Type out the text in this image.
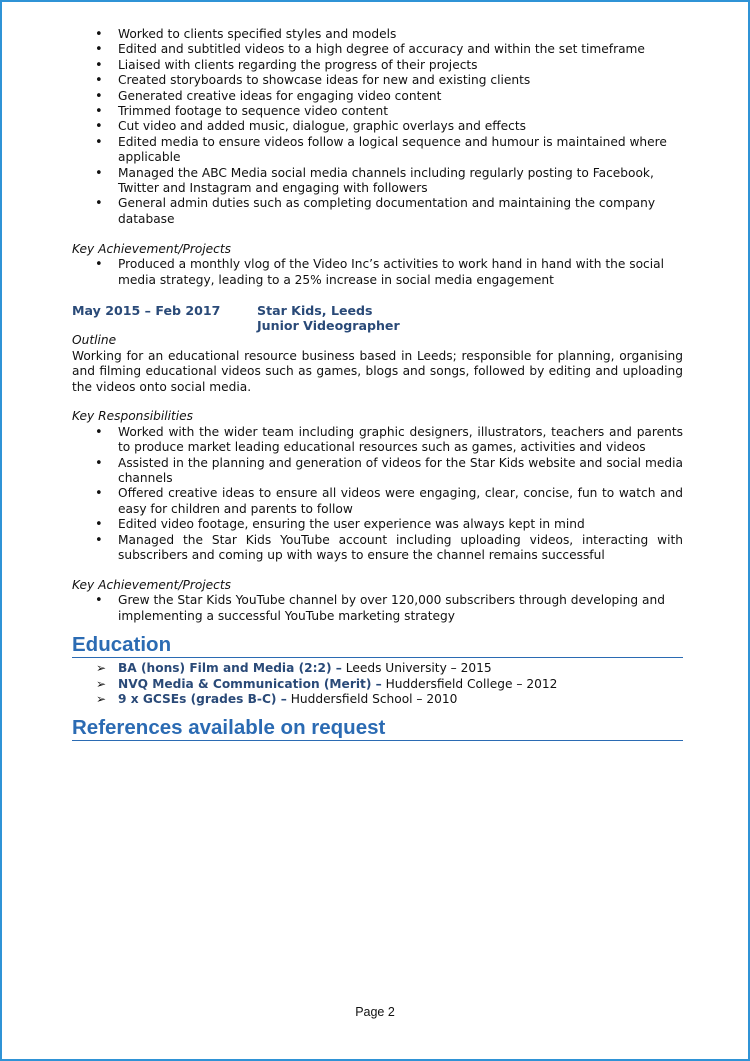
• Worked to clients specified styles and models
• Edited and subtitled videos to a high degree of accuracy and within the set timeframe
• Liaised with clients regarding the progress of their projects
• Created storyboards to showcase ideas for new and existing clients
• Generated creative ideas for engaging video content
• Trimmed footage to sequence video content
• Cut video and added music, dialogue, graphic overlays and effects
• Edited media to ensure videos follow a logical sequence and humour is maintained where applicable
• Managed the ABC Media social media channels including regularly posting to Facebook, Twitter and Instagram and engaging with followers
• General admin duties such as completing documentation and maintaining the company database

Key Achievement/Projects

• Produced a monthly vlog of the Video Inc’s activities to work hand in hand with the social media strategy, leading to a 25% increase in social media engagement
May 2015 – Feb 2017	Star Kids, Leeds
Junior Videographer

Outline

Working for an educational resource business based in Leeds; responsible for planning, organising and filming educational videos such as games, blogs and songs, followed by editing and uploading the videos onto social media.

Key Responsibilities

• Worked with the wider team including graphic designers, illustrators, teachers and parents to produce market leading educational resources such as games, activities and videos
• Assisted in the planning and generation of videos for the Star Kids website and social media channels
• Offered creative ideas to ensure all videos were engaging, clear, concise, fun to watch and easy for children and parents to follow
• Edited video footage, ensuring the user experience was always kept in mind
• Managed the Star Kids YouTube account including uploading videos, interacting with subscribers and coming up with ways to ensure the channel remains successful

Key Achievement/Projects

• Grew the Star Kids YouTube channel by over 120,000 subscribers through developing and implementing a successful YouTube marketing strategy
Education
➢ BA (hons) Film and Media (2:2) – Leeds University – 2015
➢ NVQ Media & Communication (Merit) – Huddersfield College – 2012
➢ 9 x GCSEs (grades B-C) – Huddersfield School – 2010
References available on request
Page 2
